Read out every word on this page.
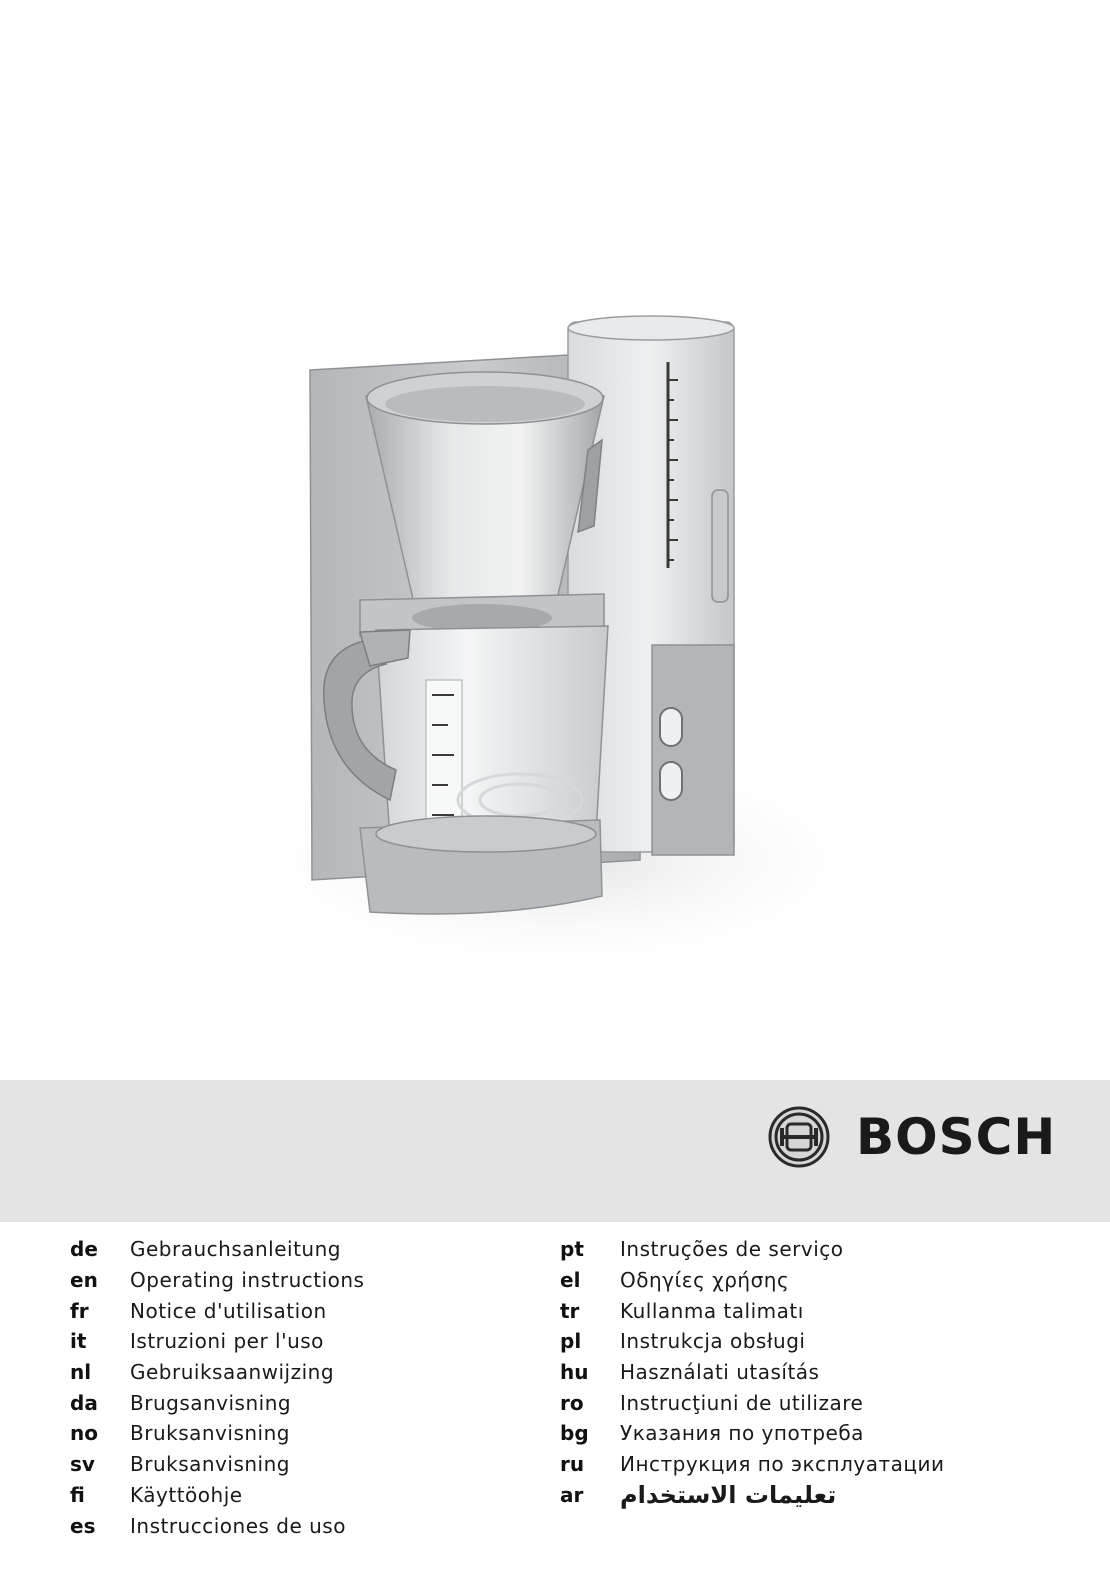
BOSCH
de	Gebrauchsanleitung
en	Operating instructions
fr	Notice d'utilisation
it	Istruzioni per l'uso
nl	Gebruiksaanwijzing
da	Brugsanvisning
no	Bruksanvisning
sv	Bruksanvisning
fi	Käyttöohje
es	Instrucciones de uso
pt	Instruções de serviço
el	Οδηγίες χρήσης
tr	Kullanma talimatı
pl	Instrukcja obsługi
hu	Használati utasítás
ro	Instrucţiuni de utilizare
bg	Указания по употреба
ru	Инструкция по эксплуатации
ar	تعليمات الاستخدام
